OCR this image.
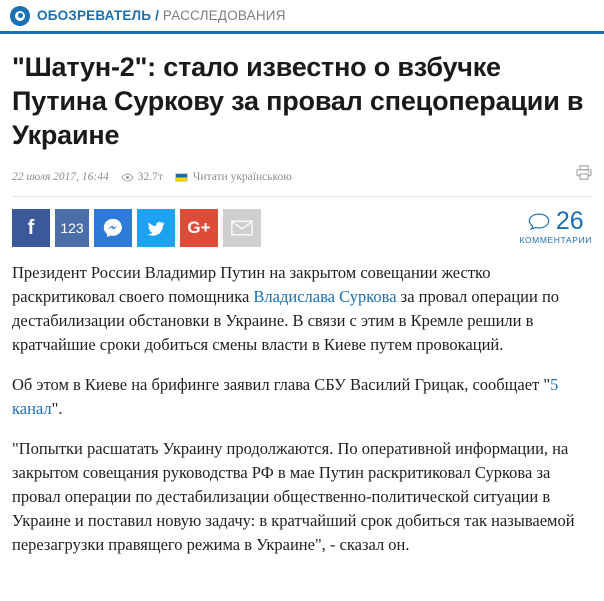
ОБОЗРЕВАТЕЛЬ / РАССЛЕДОВАНИЯ
"Шатун-2": стало известно о взбучке Путина Суркову за провал спецоперации в Украине
22 июля 2017, 16:44	32.7т	Читати українською
f	123	G+	26
КОММЕНТАРИИ

Президент России Владимир Путин на закрытом совещании жестко раскритиковал своего помощника Владислава Суркова за провал операции по дестабилизации обстановки в Украине. В связи с этим в Кремле решили в кратчайшие сроки добиться смены власти в Киеве путем провокаций.

Об этом в Киеве на брифинге заявил глава СБУ Василий Грицак, сообщает "5 канал".

"Попытки расшатать Украину продолжаются. По оперативной информации, на закрытом совещания руководства РФ в мае Путин раскритиковал Суркова за провал операции по дестабилизации общественно-политической ситуации в Украине и поставил новую задачу: в кратчайший срок добиться так называемой перезагрузки правящего режима в Украине", - сказал он.
